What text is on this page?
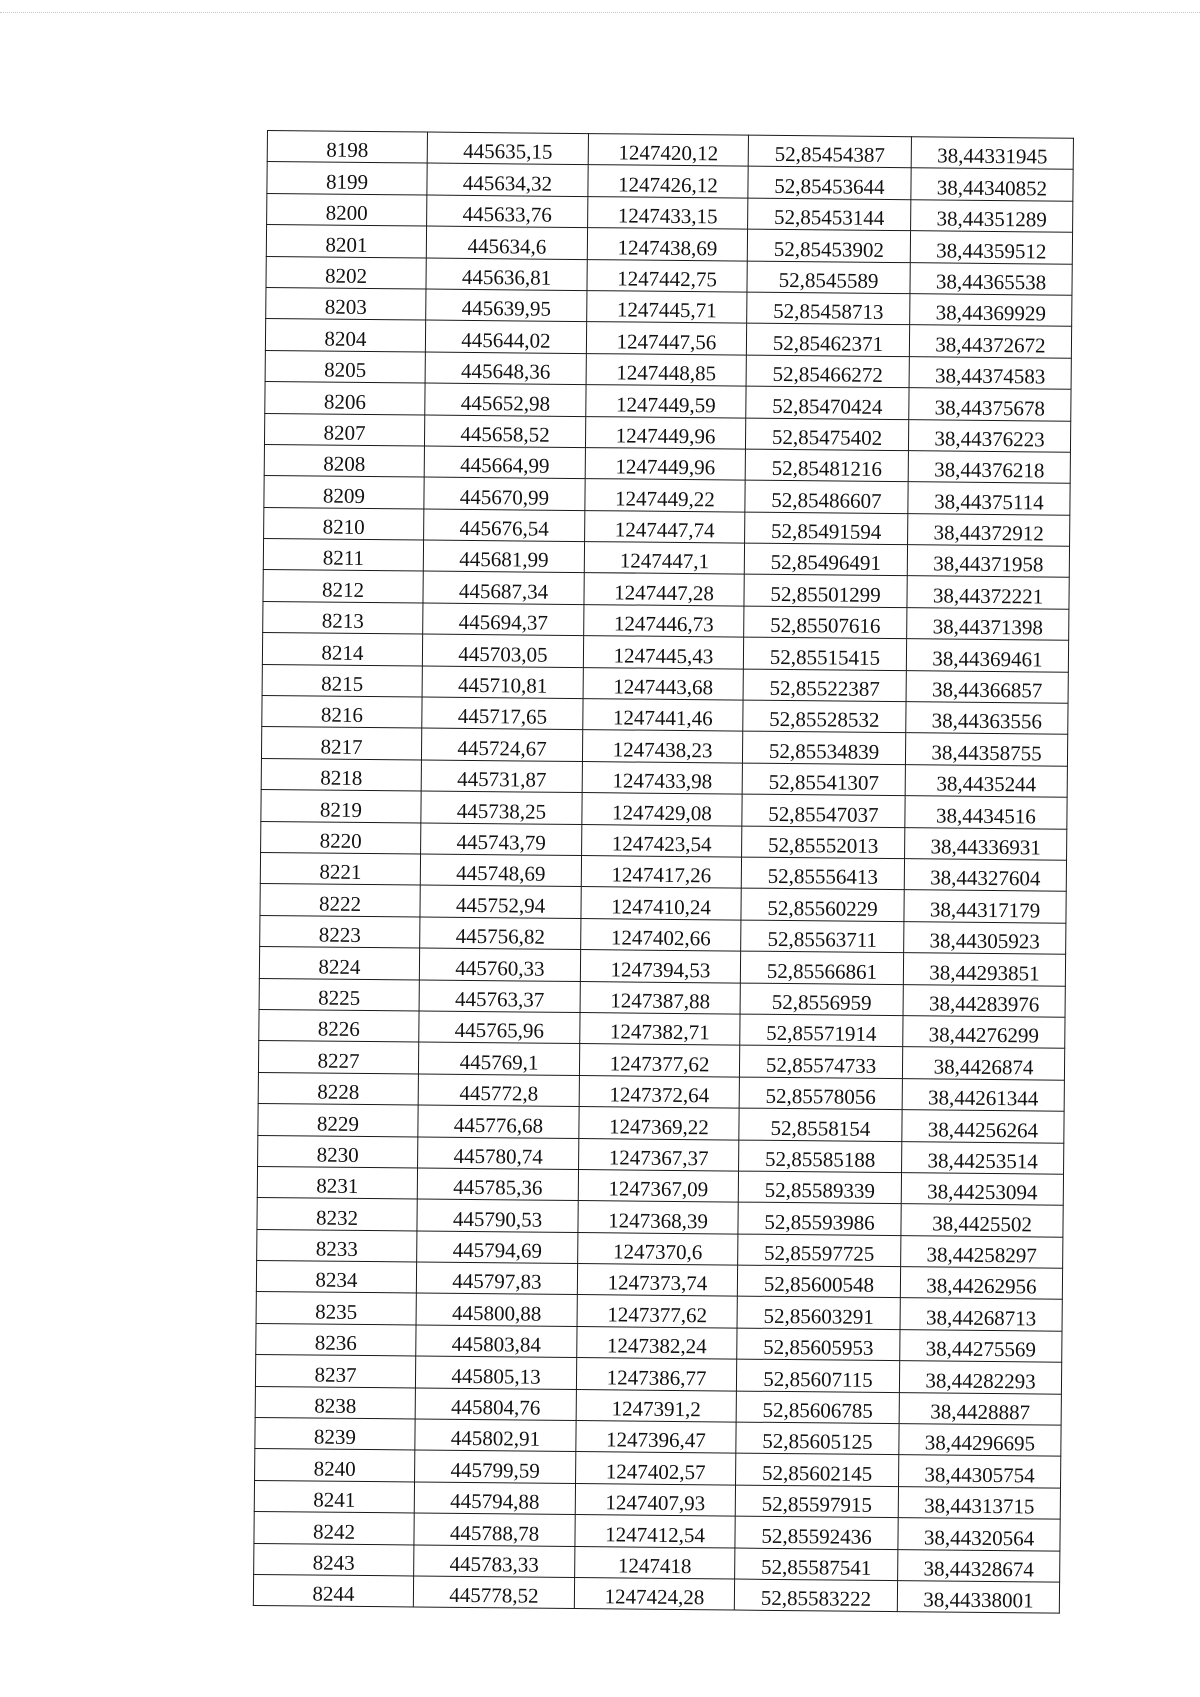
8198	445635,15	1247420,12	52,85454387	38,44331945
8199	445634,32	1247426,12	52,85453644	38,44340852
8200	445633,76	1247433,15	52,85453144	38,44351289
8201	445634,6	1247438,69	52,85453902	38,44359512
8202	445636,81	1247442,75	52,8545589	38,44365538
8203	445639,95	1247445,71	52,85458713	38,44369929
8204	445644,02	1247447,56	52,85462371	38,44372672
8205	445648,36	1247448,85	52,85466272	38,44374583
8206	445652,98	1247449,59	52,85470424	38,44375678
8207	445658,52	1247449,96	52,85475402	38,44376223
8208	445664,99	1247449,96	52,85481216	38,44376218
8209	445670,99	1247449,22	52,85486607	38,44375114
8210	445676,54	1247447,74	52,85491594	38,44372912
8211	445681,99	1247447,1	52,85496491	38,44371958
8212	445687,34	1247447,28	52,85501299	38,44372221
8213	445694,37	1247446,73	52,85507616	38,44371398
8214	445703,05	1247445,43	52,85515415	38,44369461
8215	445710,81	1247443,68	52,85522387	38,44366857
8216	445717,65	1247441,46	52,85528532	38,44363556
8217	445724,67	1247438,23	52,85534839	38,44358755
8218	445731,87	1247433,98	52,85541307	38,4435244
8219	445738,25	1247429,08	52,85547037	38,4434516
8220	445743,79	1247423,54	52,85552013	38,44336931
8221	445748,69	1247417,26	52,85556413	38,44327604
8222	445752,94	1247410,24	52,85560229	38,44317179
8223	445756,82	1247402,66	52,85563711	38,44305923
8224	445760,33	1247394,53	52,85566861	38,44293851
8225	445763,37	1247387,88	52,8556959	38,44283976
8226	445765,96	1247382,71	52,85571914	38,44276299
8227	445769,1	1247377,62	52,85574733	38,4426874
8228	445772,8	1247372,64	52,85578056	38,44261344
8229	445776,68	1247369,22	52,8558154	38,44256264
8230	445780,74	1247367,37	52,85585188	38,44253514
8231	445785,36	1247367,09	52,85589339	38,44253094
8232	445790,53	1247368,39	52,85593986	38,4425502
8233	445794,69	1247370,6	52,85597725	38,44258297
8234	445797,83	1247373,74	52,85600548	38,44262956
8235	445800,88	1247377,62	52,85603291	38,44268713
8236	445803,84	1247382,24	52,85605953	38,44275569
8237	445805,13	1247386,77	52,85607115	38,44282293
8238	445804,76	1247391,2	52,85606785	38,4428887
8239	445802,91	1247396,47	52,85605125	38,44296695
8240	445799,59	1247402,57	52,85602145	38,44305754
8241	445794,88	1247407,93	52,85597915	38,44313715
8242	445788,78	1247412,54	52,85592436	38,44320564
8243	445783,33	1247418	52,85587541	38,44328674
8244	445778,52	1247424,28	52,85583222	38,44338001
